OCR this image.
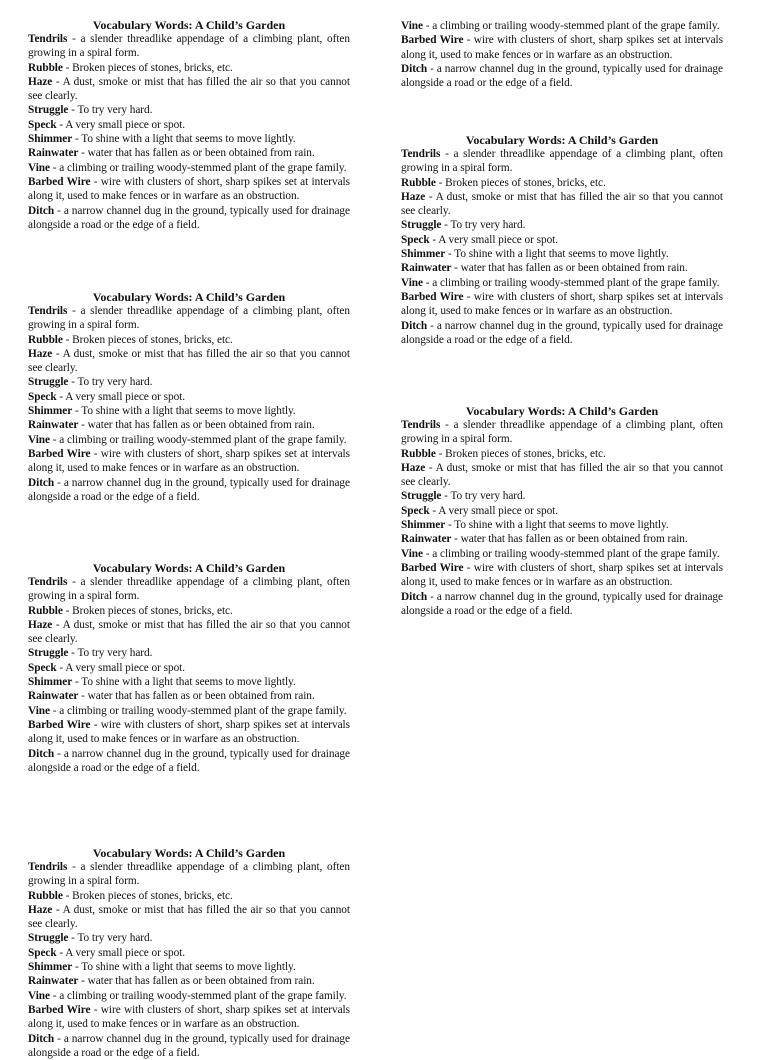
Vocabulary Words: A Child’s Garden

Tendrils - a slender threadlike appendage of a climbing plant, often growing in a spiral form.

Rubble - Broken pieces of stones, bricks, etc.

Haze - A dust, smoke or mist that has filled the air so that you cannot see clearly.

Struggle - To try very hard.

Speck - A very small piece or spot.

Shimmer - To shine with a light that seems to move lightly.

Rainwater - water that has fallen as or been obtained from rain.

Vine - a climbing or trailing woody-stemmed plant of the grape family.

Barbed Wire - wire with clusters of short, sharp spikes set at intervals along it, used to make fences or in warfare as an obstruction.

Ditch - a narrow channel dug in the ground, typically used for drainage alongside a road or the edge of a field.

Vocabulary Words: A Child’s Garden

Tendrils - a slender threadlike appendage of a climbing plant, often growing in a spiral form.

Rubble - Broken pieces of stones, bricks, etc.

Haze - A dust, smoke or mist that has filled the air so that you cannot see clearly.

Struggle - To try very hard.

Speck - A very small piece or spot.

Shimmer - To shine with a light that seems to move lightly.

Rainwater - water that has fallen as or been obtained from rain.

Vine - a climbing or trailing woody-stemmed plant of the grape family.

Barbed Wire - wire with clusters of short, sharp spikes set at intervals along it, used to make fences or in warfare as an obstruction.

Ditch - a narrow channel dug in the ground, typically used for drainage alongside a road or the edge of a field.

Vocabulary Words: A Child’s Garden

Tendrils - a slender threadlike appendage of a climbing plant, often growing in a spiral form.

Rubble - Broken pieces of stones, bricks, etc.

Haze - A dust, smoke or mist that has filled the air so that you cannot see clearly.

Struggle - To try very hard.

Speck - A very small piece or spot.

Shimmer - To shine with a light that seems to move lightly.

Rainwater - water that has fallen as or been obtained from rain.

Vine - a climbing or trailing woody-stemmed plant of the grape family.

Barbed Wire - wire with clusters of short, sharp spikes set at intervals along it, used to make fences or in warfare as an obstruction.

Ditch - a narrow channel dug in the ground, typically used for drainage alongside a road or the edge of a field.

Vocabulary Words: A Child’s Garden

Tendrils - a slender threadlike appendage of a climbing plant, often growing in a spiral form.

Rubble - Broken pieces of stones, bricks, etc.

Haze - A dust, smoke or mist that has filled the air so that you cannot see clearly.

Struggle - To try very hard.

Speck - A very small piece or spot.

Shimmer - To shine with a light that seems to move lightly.

Rainwater - water that has fallen as or been obtained from rain.

Vine - a climbing or trailing woody-stemmed plant of the grape family.

Barbed Wire - wire with clusters of short, sharp spikes set at intervals along it, used to make fences or in warfare as an obstruction.

Ditch - a narrow channel dug in the ground, typically used for drainage alongside a road or the edge of a field.

Vine - a climbing or trailing woody-stemmed plant of the grape family.

Barbed Wire - wire with clusters of short, sharp spikes set at intervals along it, used to make fences or in warfare as an obstruction.

Ditch - a narrow channel dug in the ground, typically used for drainage alongside a road or the edge of a field.

Vocabulary Words: A Child’s Garden

Tendrils - a slender threadlike appendage of a climbing plant, often growing in a spiral form.

Rubble - Broken pieces of stones, bricks, etc.

Haze - A dust, smoke or mist that has filled the air so that you cannot see clearly.

Struggle - To try very hard.

Speck - A very small piece or spot.

Shimmer - To shine with a light that seems to move lightly.

Rainwater - water that has fallen as or been obtained from rain.

Vine - a climbing or trailing woody-stemmed plant of the grape family.

Barbed Wire - wire with clusters of short, sharp spikes set at intervals along it, used to make fences or in warfare as an obstruction.

Ditch - a narrow channel dug in the ground, typically used for drainage alongside a road or the edge of a field.

Vocabulary Words: A Child’s Garden

Tendrils - a slender threadlike appendage of a climbing plant, often growing in a spiral form.

Rubble - Broken pieces of stones, bricks, etc.

Haze - A dust, smoke or mist that has filled the air so that you cannot see clearly.

Struggle - To try very hard.

Speck - A very small piece or spot.

Shimmer - To shine with a light that seems to move lightly.

Rainwater - water that has fallen as or been obtained from rain.

Vine - a climbing or trailing woody-stemmed plant of the grape family.

Barbed Wire - wire with clusters of short, sharp spikes set at intervals along it, used to make fences or in warfare as an obstruction.

Ditch - a narrow channel dug in the ground, typically used for drainage alongside a road or the edge of a field.
